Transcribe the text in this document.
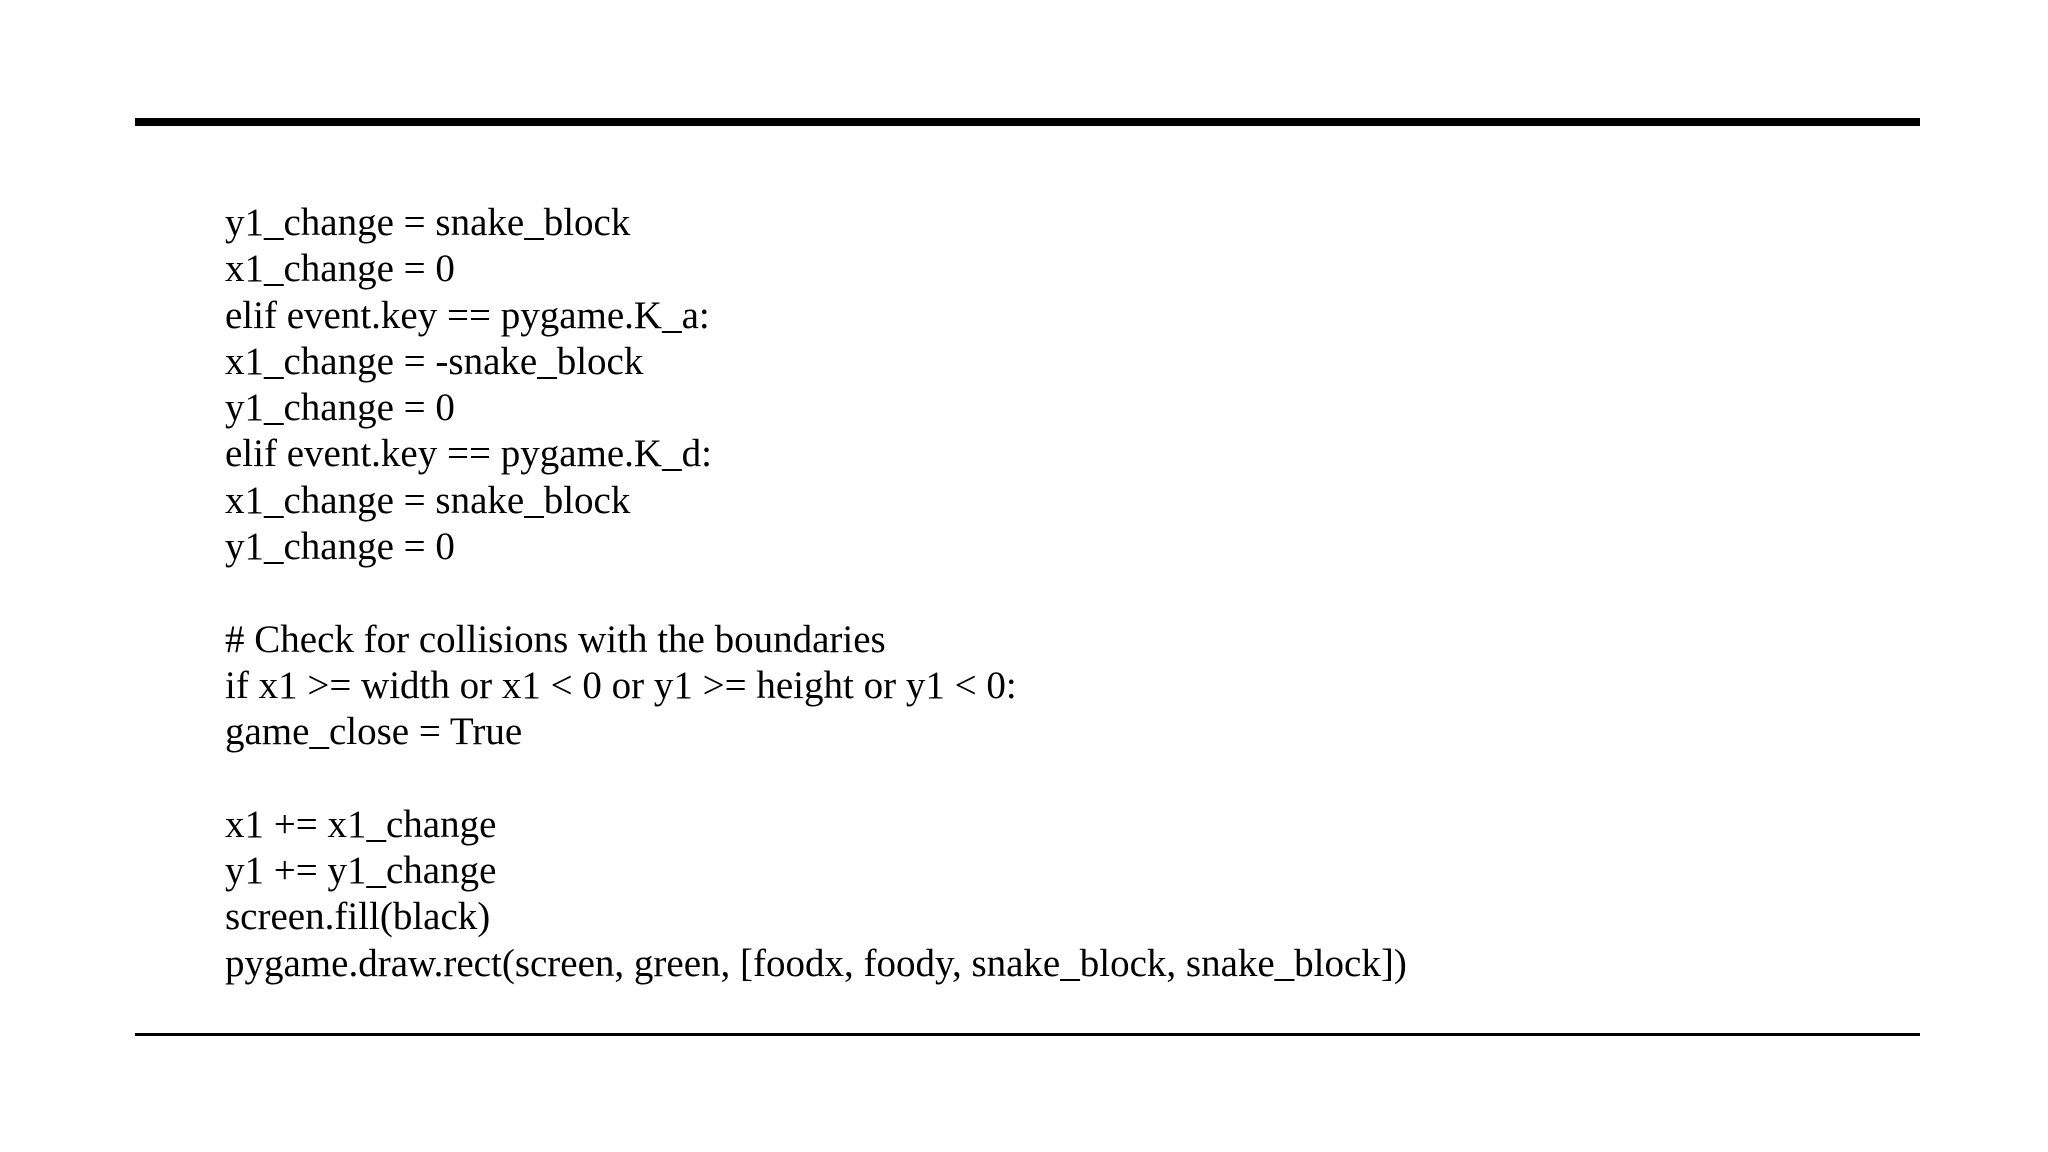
y1_change = snake_block

x1_change = 0

elif event.key == pygame.K_a:

x1_change = -snake_block

y1_change = 0

elif event.key == pygame.K_d:

x1_change = snake_block

y1_change = 0

# Check for collisions with the boundaries

if x1 >= width or x1 < 0 or y1 >= height or y1 < 0:

game_close = True

x1 += x1_change

y1 += y1_change

screen.fill(black)

pygame.draw.rect(screen, green, [foodx, foody, snake_block, snake_block])
